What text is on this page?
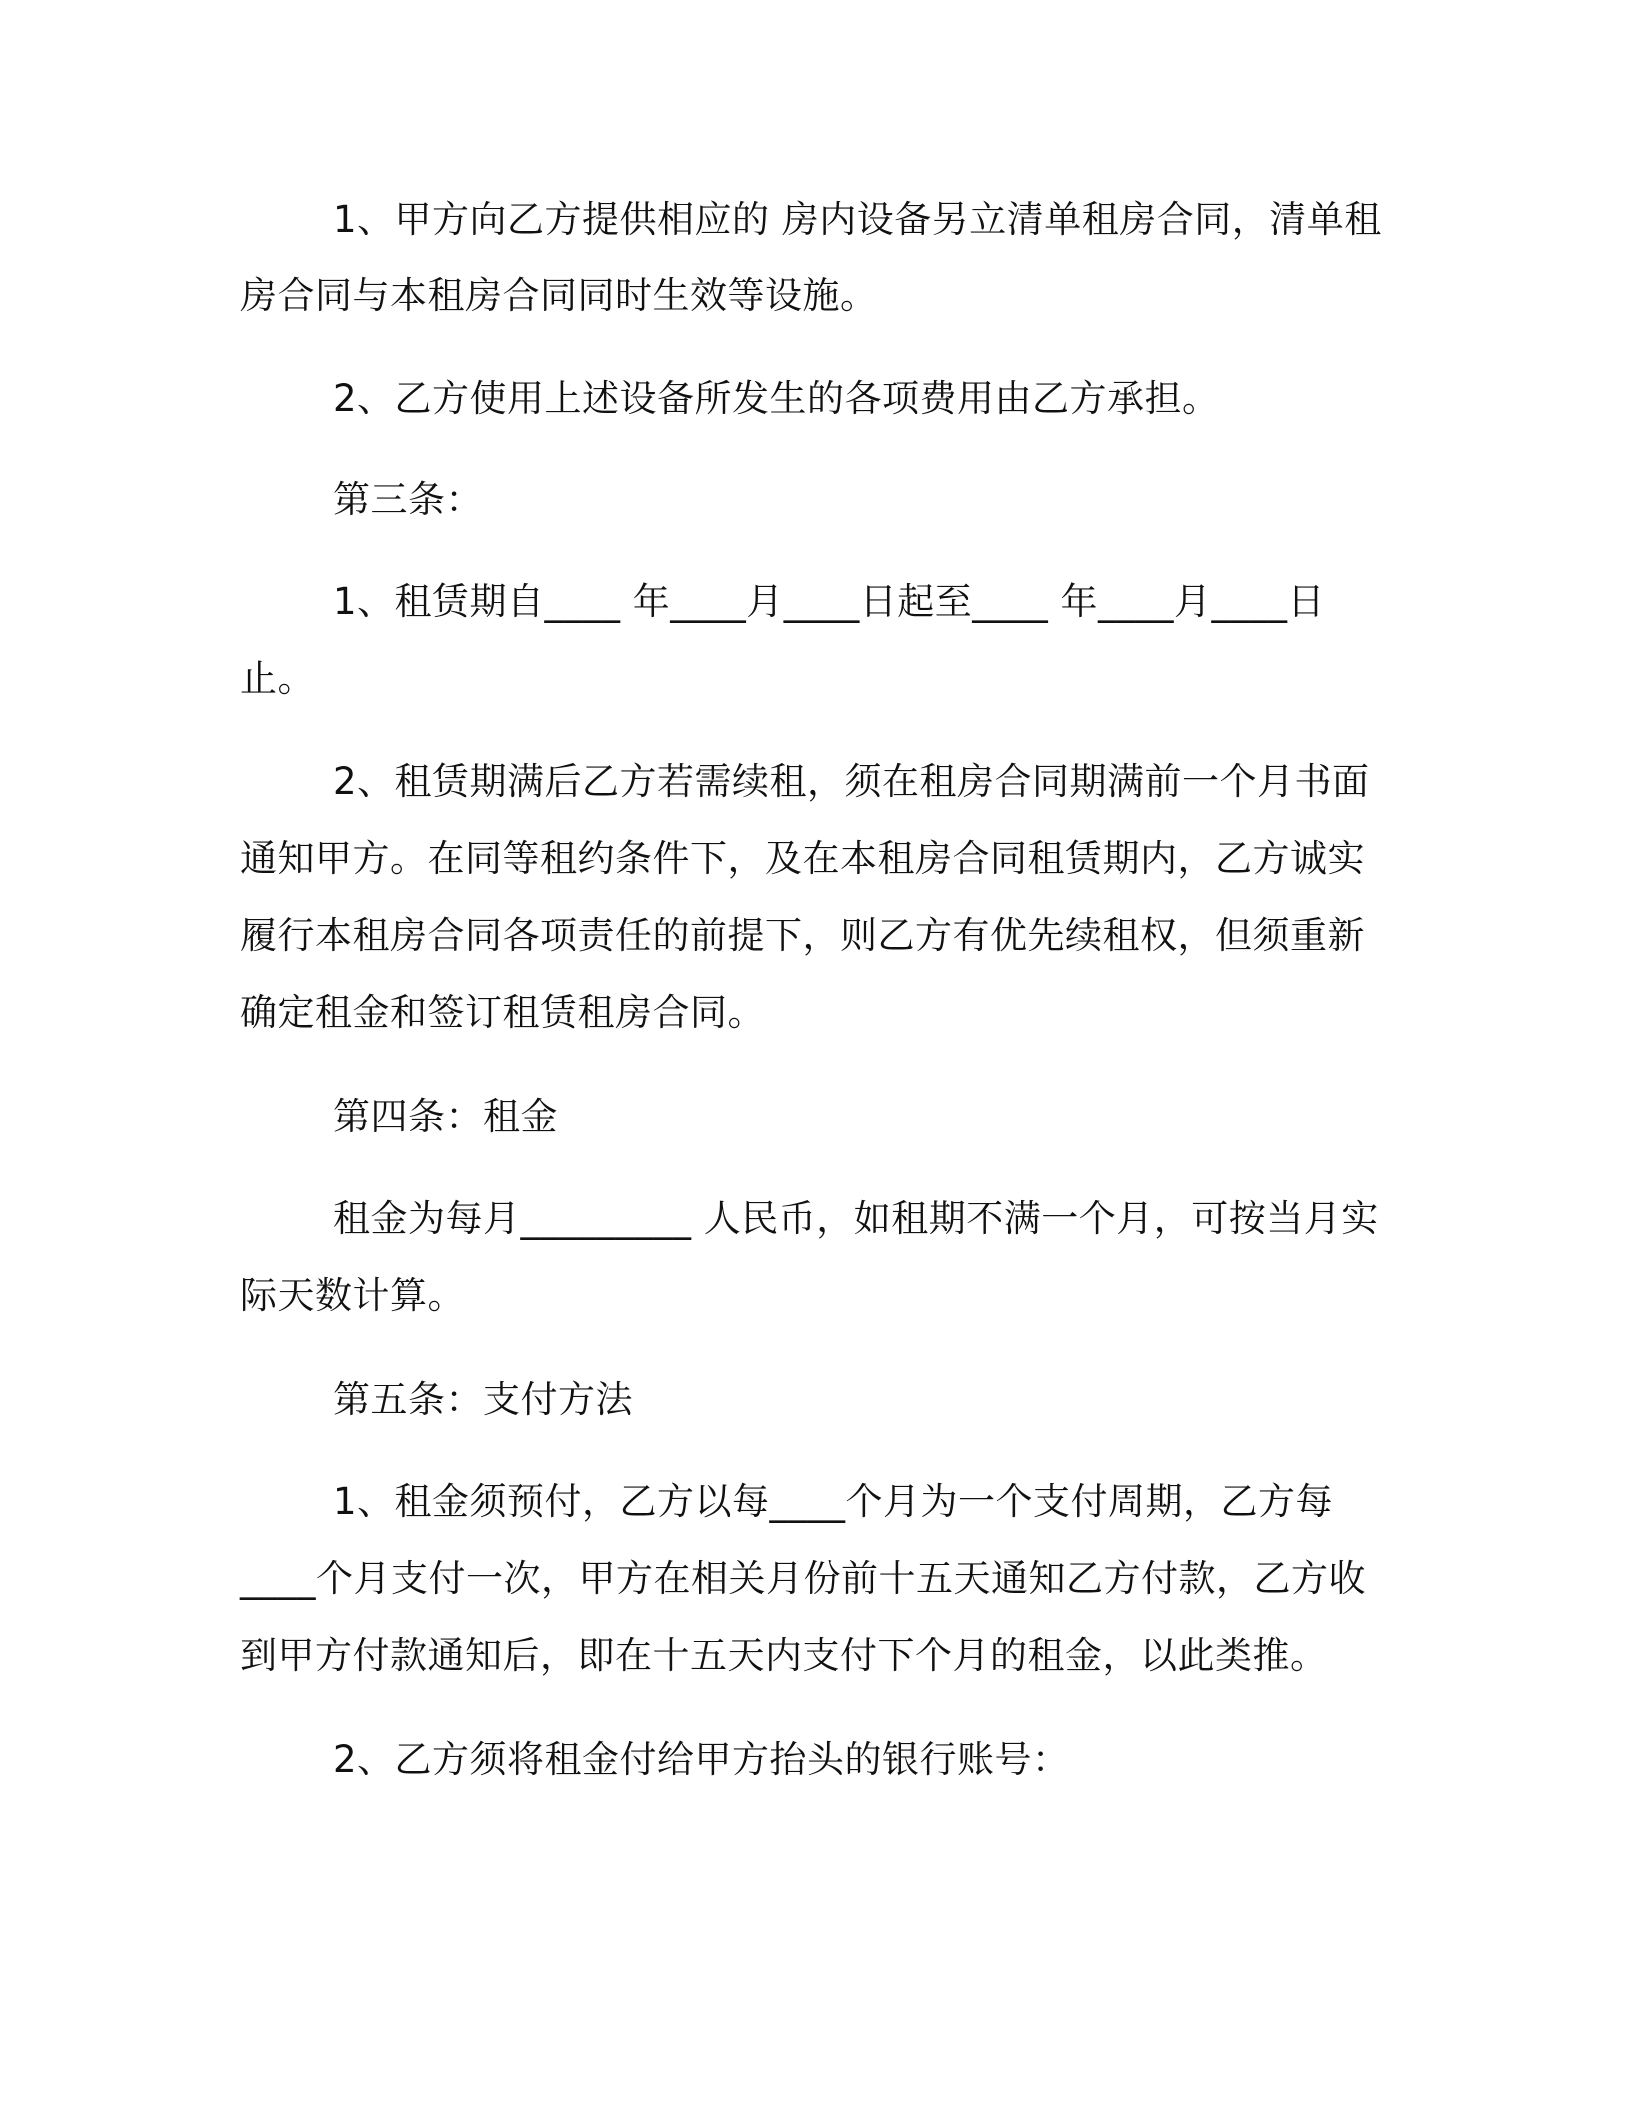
1、甲方向乙方提供相应的 房内设备另立清单租房合同，清单租

房合同与本租房合同同时生效等设施。

2、乙方使用上述设备所发生的各项费用由乙方承担。

第三条：

1、租赁期自____ 年____月____日起至____ 年____月____日

止。

2、租赁期满后乙方若需续租，须在租房合同期满前一个月书面

通知甲方。在同等租约条件下，及在本租房合同租赁期内，乙方诚实

履行本租房合同各项责任的前提下，则乙方有优先续租权，但须重新

确定租金和签订租赁租房合同。

第四条：租金

租金为每月_________ 人民币，如租期不满一个月，可按当月实

际天数计算。

第五条：支付方法

1、租金须预付，乙方以每____个月为一个支付周期，乙方每

____个月支付一次，甲方在相关月份前十五天通知乙方付款，乙方收

到甲方付款通知后，即在十五天内支付下个月的租金，以此类推。

2、乙方须将租金付给甲方抬头的银行账号：
